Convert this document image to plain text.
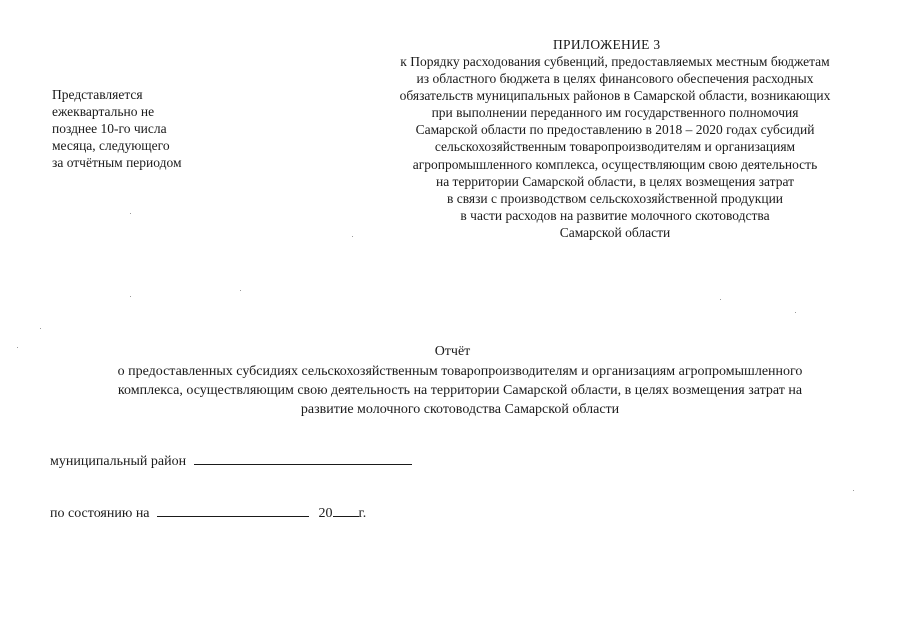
Представляется
ежеквартально не
позднее 10-го числа
месяца, следующего
за отчётным периодом
ПРИЛОЖЕНИЕ 3
к Порядку расходования субвенций, предоставляемых местным бюджетам
из областного бюджета в целях финансового обеспечения расходных
обязательств муниципальных районов в Самарской области, возникающих
при выполнении переданного им государственного полномочия
Самарской области по предоставлению в 2018 – 2020 годах субсидий
сельскохозяйственным товаропроизводителям и организациям
агропромышленного комплекса, осуществляющим свою деятельность
на территории Самарской области, в целях возмещения затрат
в связи с производством сельскохозяйственной продукции
в части расходов на развитие молочного скотоводства
Самарской области
Отчёт
о предоставленных субсидиях сельскохозяйственным товаропроизводителям и организациям агропромышленного
комплекса, осуществляющим свою деятельность на территории Самарской области, в целях возмещения затрат на
развитие молочного скотоводства Самарской области
муниципальный район
по состоянию на	20 г.
